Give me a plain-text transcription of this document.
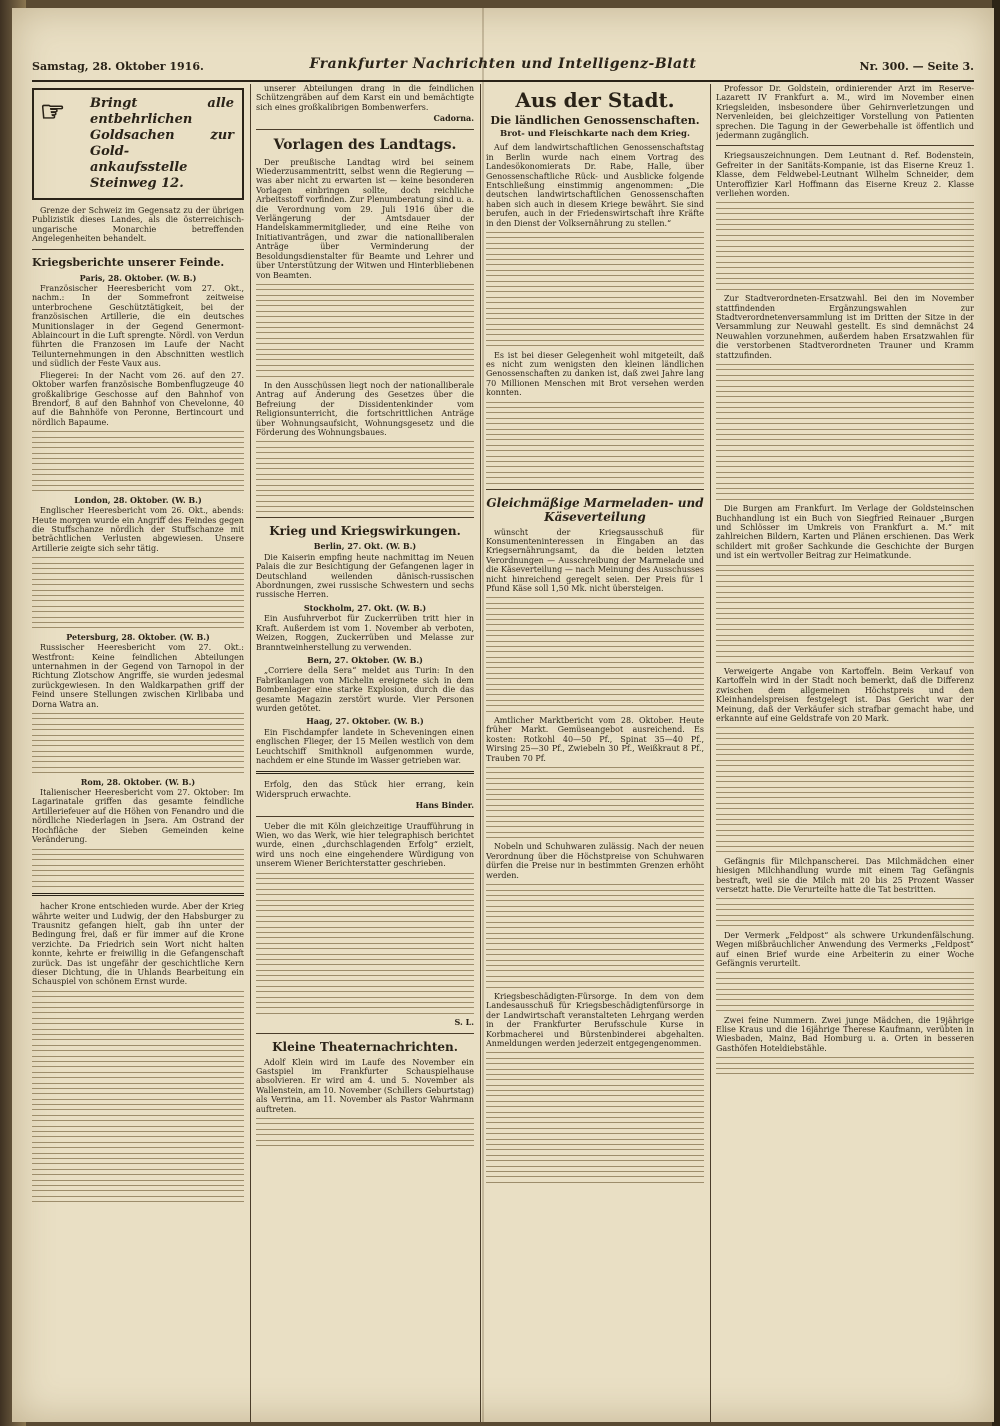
Samstag, 28. Oktober 1916.	Frankfurter Nachrichten und Intelligenz-Blatt	Nr. 300. — Seite 3.
☞	Bringt alle entbehrlichen
Goldsachen zur Gold-
ankaufsstelle Steinweg 12.

Grenze der Schweiz im Gegensatz zu der übrigen Publizistik dieses Landes, als die österreichisch-ungarische Monarchie betreffenden Angelegenheiten behandelt.

Kriegsberichte unserer Feinde.
Paris, 28. Oktober. (W. B.)

Französischer Heeresbericht vom 27. Okt., nachm.: In der Sommefront zeitweise unterbrochene Geschütztätigkeit, bei der französischen Artillerie, die ein deutsches Munitionslager in der Gegend Genermont-Ablaincourt in die Luft sprengte. Nördl. von Verdun führten die Franzosen im Laufe der Nacht Teilunternehmungen in den Abschnitten westlich und südlich der Feste Vaux aus.

Fliegerei: In der Nacht vom 26. auf den 27. Oktober warfen französische Bombenflugzeuge 40 großkalibrige Geschosse auf den Bahnhof von Brendorf, 8 auf den Bahnhof von Chevelonne, 40 auf die Bahnhöfe von Peronne, Bertincourt und nördlich Bapaume.

London, 28. Oktober. (W. B.)

Englischer Heeresbericht vom 26. Okt., abends: Heute morgen wurde ein Angriff des Feindes gegen die Stuffschanze nördlich der Stuffschanze mit beträchtlichen Verlusten abgewiesen. Unsere Artillerie zeigte sich sehr tätig.

Petersburg, 28. Oktober. (W. B.)

Russischer Heeresbericht vom 27. Okt.: Westfront: Keine feindlichen Abteilungen unternahmen in der Gegend von Tarnopol in der Richtung Zlotschow Angriffe, sie wurden jedesmal zurückgewiesen. In den Waldkarpathen griff der Feind unsere Stellungen zwischen Kirlibaba und Dorna Watra an.

Rom, 28. Oktober. (W. B.)

Italienischer Heeresbericht vom 27. Oktober: Im Lagarinatale griffen das gesamte feindliche Artilleriefeuer auf die Höhen von Fenandro und die nördliche Niederlagen in Jsera. Am Ostrand der Hochfläche der Sieben Gemeinden keine Veränderung.

hacher Krone entschieden wurde. Aber der Krieg währte weiter und Ludwig, der den Habsburger zu Trausnitz gefangen hielt, gab ihn unter der Bedingung frei, daß er für immer auf die Krone verzichte. Da Friedrich sein Wort nicht halten konnte, kehrte er freiwillig in die Gefangenschaft zurück. Das ist ungefähr der geschichtliche Kern dieser Dichtung, die in Uhlands Bearbeitung ein Schauspiel von schönem Ernst wurde.

unserer Abteilungen drang in die feindlichen Schützengräben auf dem Karst ein und bemächtigte sich eines großkalibrigen Bombenwerfers.

Cadorna.
Vorlagen des Landtags.

Der preußische Landtag wird bei seinem Wiederzusammentritt, selbst wenn die Regierung — was aber nicht zu erwarten ist — keine besonderen Vorlagen einbringen sollte, doch reichliche Arbeitsstoff vorfinden. Zur Plenumberatung sind u. a. die Verordnung vom 29. Juli 1916 über die Verlängerung der Amtsdauer der Handelskammermitglieder, und eine Reihe von Initiativanträgen, und zwar die nationalliberalen Anträge über Verminderung der Besoldungsdienstalter für Beamte und Lehrer und über Unterstützung der Witwen und Hinterbliebenen von Beamten.

In den Ausschüssen liegt noch der nationalliberale Antrag auf Änderung des Gesetzes über die Befreiung der Dissidentenkinder vom Religionsunterricht, die fortschrittlichen Anträge über Wohnungsaufsicht, Wohnungsgesetz und die Förderung des Wohnungsbaues.

Krieg und Kriegswirkungen.
Berlin, 27. Okt. (W. B.)

Die Kaiserin empfing heute nachmittag im Neuen Palais die zur Besichtigung der Gefangenen lager in Deutschland weilenden dänisch-russischen Abordnungen, zwei russische Schwestern und sechs russische Herren.

Stockholm, 27. Okt. (W. B.)

Ein Ausfuhrverbot für Zuckerrüben tritt hier in Kraft. Außerdem ist vom 1. November ab verboten, Weizen, Roggen, Zuckerrüben und Melasse zur Branntweinherstellung zu verwenden.

Bern, 27. Oktober. (W. B.)

„Corriere della Sera“ meldet aus Turin: In den Fabrikanlagen von Michelin ereignete sich in dem Bombenlager eine starke Explosion, durch die das gesamte Magazin zerstört wurde. Vier Personen wurden getötet.

Haag, 27. Oktober. (W. B.)

Ein Fischdampfer landete in Scheveningen einen englischen Flieger, der 15 Meilen westlich von dem Leuchtschiff Smithknoll aufgenommen wurde, nachdem er eine Stunde im Wasser getrieben war.

Erfolg, den das Stück hier errang, kein Widerspruch erwachte.

Hans Binder.

Ueber die mit Köln gleichzeitige Uraufführung in Wien, wo das Werk, wie hier telegraphisch berichtet wurde, einen „durchschlagenden Erfolg“ erzielt, wird uns noch eine eingehendere Würdigung von unserem Wiener Berichterstatter geschrieben.

S. L.
Kleine Theaternachrichten.

Adolf Klein wird im Laufe des November ein Gastspiel im Frankfurter Schauspielhause absolvieren. Er wird am 4. und 5. November als Wallenstein, am 10. November (Schillers Geburtstag) als Verrina, am 11. November als Pastor Wahrmann auftreten.

Aus der Stadt.
Die ländlichen Genossenschaften.
Brot- und Fleischkarte nach dem Krieg.

Auf dem landwirtschaftlichen Genossenschaftstag in Berlin wurde nach einem Vortrag des Landesökonomierats Dr. Rabe, Halle, über Genossenschaftliche Rück- und Ausblicke folgende Entschließung einstimmig angenommen: „Die deutschen landwirtschaftlichen Genossenschaften haben sich auch in diesem Kriege bewährt. Sie sind berufen, auch in der Friedenswirtschaft ihre Kräfte in den Dienst der Volksernährung zu stellen.“

Es ist bei dieser Gelegenheit wohl mitgeteilt, daß es nicht zum wenigsten den kleinen ländlichen Genossenschaften zu danken ist, daß zwei Jahre lang 70 Millionen Menschen mit Brot versehen werden konnten.

Gleichmäßige Marmeladen- und Käseverteilung

wünscht der Kriegsausschuß für Konsumenteninteressen in Eingaben an das Kriegsernährungsamt, da die beiden letzten Verordnungen — Ausschreibung der Marmelade und die Käseverteilung — nach Meinung des Ausschusses nicht hinreichend geregelt seien. Der Preis für 1 Pfund Käse soll 1,50 Mk. nicht übersteigen.

Amtlicher Marktbericht vom 28. Oktober. Heute früher Markt. Gemüseangebot ausreichend. Es kosten: Rotkohl 40—50 Pf., Spinat 35—40 Pf., Wirsing 25—30 Pf., Zwiebeln 30 Pf., Weißkraut 8 Pf., Trauben 70 Pf.

Nobeln und Schuhwaren zulässig. Nach der neuen Verordnung über die Höchstpreise von Schuhwaren dürfen die Preise nur in bestimmten Grenzen erhöht werden.

Kriegsbeschädigten-Fürsorge. In dem von dem Landesausschuß für Kriegsbeschädigtenfürsorge in der Landwirtschaft veranstalteten Lehrgang werden in der Frankfurter Berufsschule Kurse in Korbmacherei und Bürstenbinderei abgehalten. Anmeldungen werden jederzeit entgegengenommen.

Professor Dr. Goldstein, ordinierender Arzt im Reserve-Lazarett IV Frankfurt a. M., wird im November einen Kriegsleiden, insbesondere über Gehirnverletzungen und Nervenleiden, bei gleichzeitiger Vorstellung von Patienten sprechen. Die Tagung in der Gewerbehalle ist öffentlich und jedermann zugänglich.

Kriegsauszeichnungen. Dem Leutnant d. Ref. Bodenstein, Gefreiter in der Sanitäts-Kompanie, ist das Eiserne Kreuz 1. Klasse, dem Feldwebel-Leutnant Wilhelm Schneider, dem Unteroffizier Karl Hoffmann das Eiserne Kreuz 2. Klasse verliehen worden.

Zur Stadtverordneten-Ersatzwahl. Bei den im November stattfindenden Ergänzungswahlen zur Stadtverordnetenversammlung ist im Dritten der Sitze in der Versammlung zur Neuwahl gestellt. Es sind demnächst 24 Neuwahlen vorzunehmen, außerdem haben Ersatzwahlen für die verstorbenen Stadtverordneten Trauner und Kramm stattzufinden.

Die Burgen am Frankfurt. Im Verlage der Goldsteinschen Buchhandlung ist ein Buch von Siegfried Reinauer „Burgen und Schlösser im Umkreis von Frankfurt a. M.“ mit zahlreichen Bildern, Karten und Plänen erschienen. Das Werk schildert mit großer Sachkunde die Geschichte der Burgen und ist ein wertvoller Beitrag zur Heimatkunde.

Verweigerte Angabe von Kartoffeln. Beim Verkauf von Kartoffeln wird in der Stadt noch bemerkt, daß die Differenz zwischen dem allgemeinen Höchstpreis und den Kleinhandelspreisen festgelegt ist. Das Gericht war der Meinung, daß der Verkäufer sich strafbar gemacht habe, und erkannte auf eine Geldstrafe von 20 Mark.

Gefängnis für Milchpanscherei. Das Milchmädchen einer hiesigen Milchhandlung wurde mit einem Tag Gefängnis bestraft, weil sie die Milch mit 20 bis 25 Prozent Wasser versetzt hatte. Die Verurteilte hatte die Tat bestritten.

Der Vermerk „Feldpost“ als schwere Urkundenfälschung. Wegen mißbräuchlicher Anwendung des Vermerks „Feldpost“ auf einen Brief wurde eine Arbeiterin zu einer Woche Gefängnis verurteilt.

Zwei feine Nummern. Zwei junge Mädchen, die 19jährige Elise Kraus und die 16jährige Therese Kaufmann, verübten in Wiesbaden, Mainz, Bad Homburg u. a. Orten in besseren Gasthöfen Hoteldiebstähle.
